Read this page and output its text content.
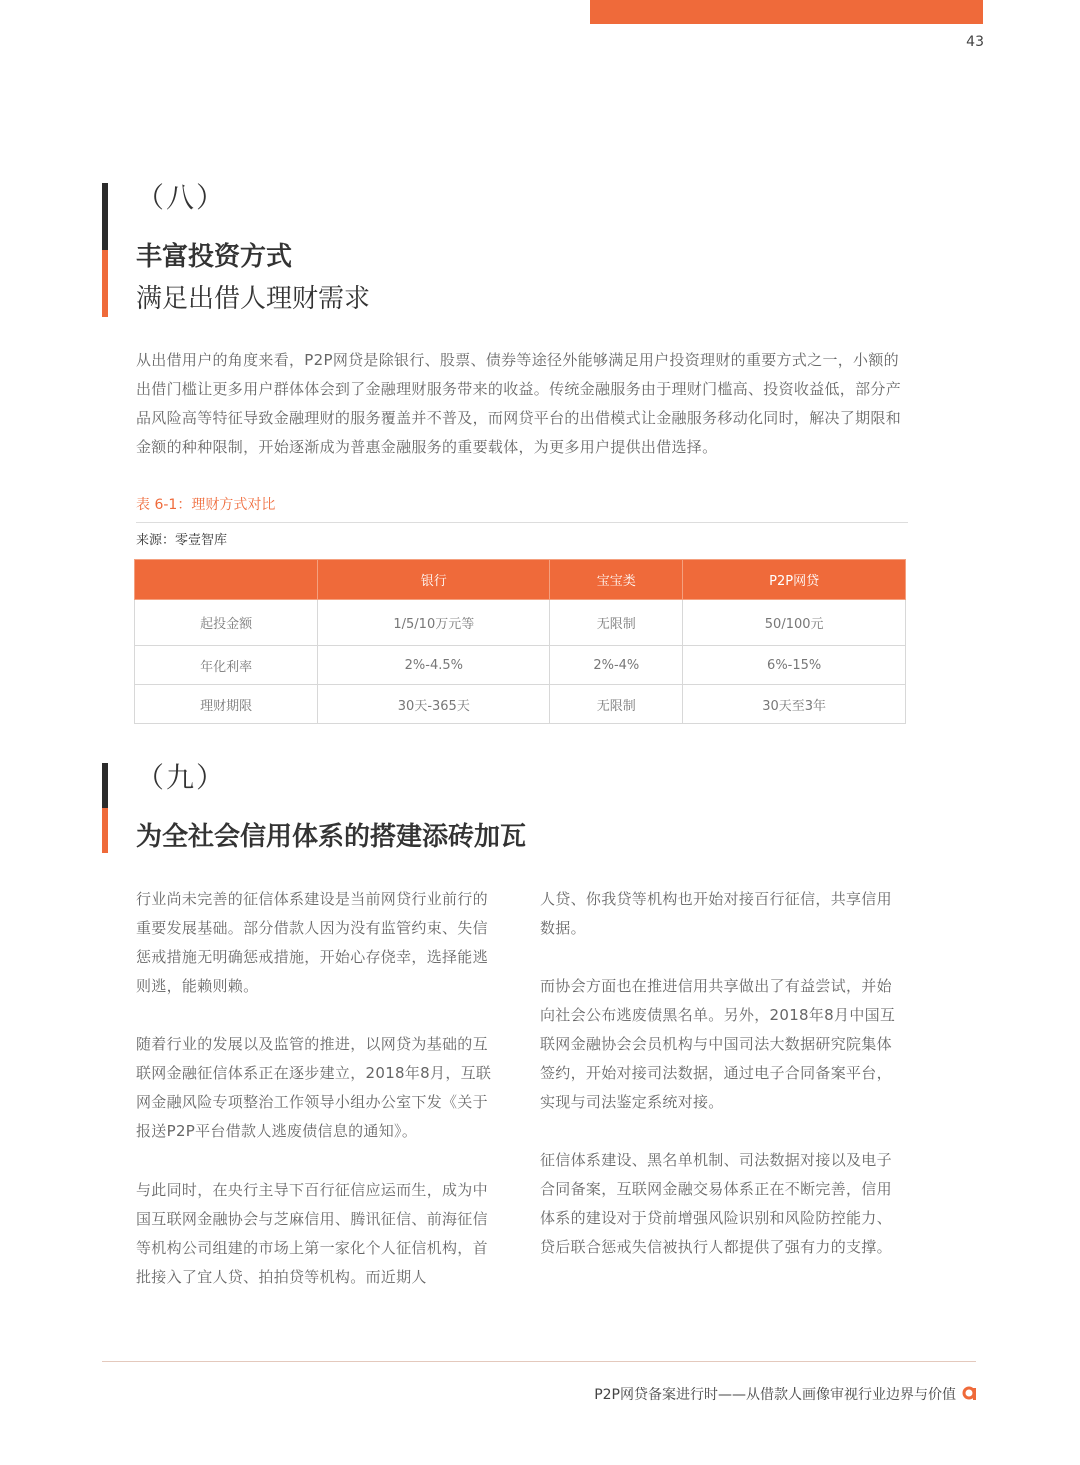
43
（八）
丰富投资方式
满足出借人理财需求
从出借用户的角度来看，P2P网贷是除银行、股票、债券等途径外能够满足用户投资理财的重要方式之一，小额的出借门槛让更多用户群体体会到了金融理财服务带来的收益。传统金融服务由于理财门槛高、投资收益低，部分产品风险高等特征导致金融理财的服务覆盖并不普及，而网贷平台的出借模式让金融服务移动化同时，解决了期限和金额的种种限制，开始逐渐成为普惠金融服务的重要载体，为更多用户提供出借选择。
表 6-1：理财方式对比
来源：零壹智库
	银行	宝宝类	P2P网贷
起投金额	1/5/10万元等	无限制	50/100元
年化利率	2%-4.5%	2%-4%	6%-15%
理财期限	30天-365天	无限制	30天至3年
（九）
为全社会信用体系的搭建添砖加瓦
行业尚未完善的征信体系建设是当前网贷行业前行的重要发展基础。部分借款人因为没有监管约束、失信惩戒措施无明确惩戒措施，开始心存侥幸，选择能逃则逃，能赖则赖。
随着行业的发展以及监管的推进，以网贷为基础的互联网金融征信体系正在逐步建立，2018年8月，互联网金融风险专项整治工作领导小组办公室下发《关于报送P2P平台借款人逃废债信息的通知》。
与此同时，在央行主导下百行征信应运而生，成为中国互联网金融协会与芝麻信用、腾讯征信、前海征信等机构公司组建的市场上第一家化个人征信机构，首批接入了宜人贷、拍拍贷等机构。而近期人
人贷、你我贷等机构也开始对接百行征信，共享信用数据。
而协会方面也在推进信用共享做出了有益尝试，并始向社会公布逃废债黑名单。另外，2018年8月中国互联网金融协会会员机构与中国司法大数据研究院集体签约，开始对接司法数据，通过电子合同备案平台，实现与司法鉴定系统对接。
征信体系建设、黑名单机制、司法数据对接以及电子合同备案，互联网金融交易体系正在不断完善，信用体系的建设对于贷前增强风险识别和风险防控能力、贷后联合惩戒失信被执行人都提供了强有力的支撑。
P2P网贷备案进行时——从借款人画像审视行业边界与价值
